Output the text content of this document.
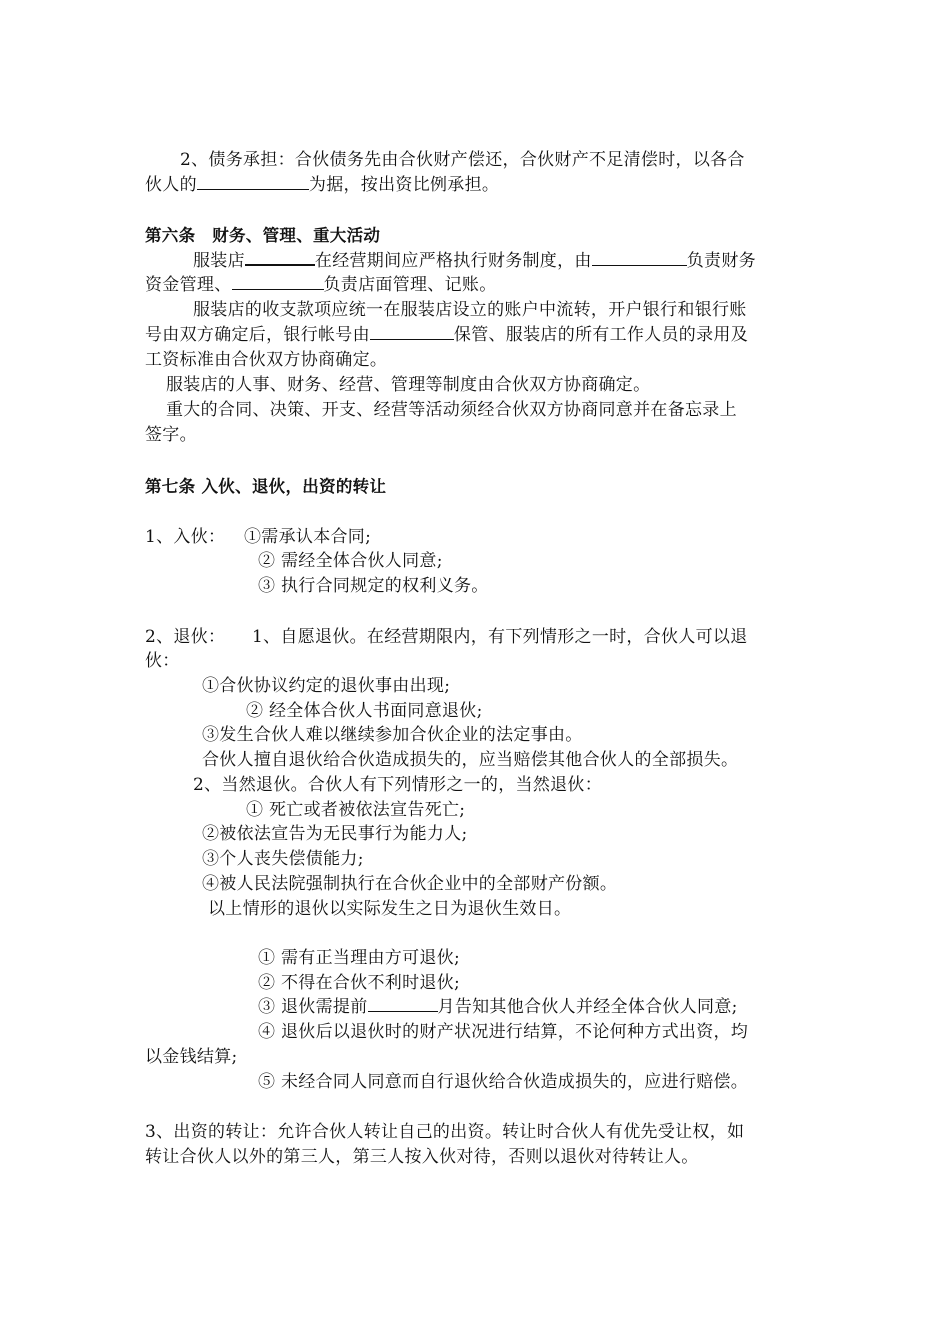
2、债务承担：合伙债务先由合伙财产偿还，合伙财产不足清偿时，以各合
伙人的	为据，按出资比例承担。
第六条　财务、管理、重大活动
服装店	在经营期间应严格执行财务制度，由	负责财务
资金管理、	负责店面管理、记账。
服装店的收支款项应统一在服装店设立的账户中流转，开户银行和银行账
号由双方确定后，银行帐号由	保管、服装店的所有工作人员的录用及
工资标准由合伙双方协商确定。
服装店的人事、财务、经营、管理等制度由合伙双方协商确定。
重大的合同、决策、开支、经营等活动须经合伙双方协商同意并在备忘录上
签字。
第七条 入伙、退伙，出资的转让
1、入伙： ①需承认本合同;
② 需经全体合伙人同意;
③ 执行合同规定的权利义务。
2、退伙： 1、自愿退伙。在经营期限内，有下列情形之一时，合伙人可以退
伙：
①合伙协议约定的退伙事由出现;
② 经全体合伙人书面同意退伙;
③发生合伙人难以继续参加合伙企业的法定事由。
合伙人擅自退伙给合伙造成损失的，应当赔偿其他合伙人的全部损失。
2、当然退伙。合伙人有下列情形之一的，当然退伙：
① 死亡或者被依法宣告死亡;
②被依法宣告为无民事行为能力人;
③个人丧失偿债能力;
④被人民法院强制执行在合伙企业中的全部财产份额。
以上情形的退伙以实际发生之日为退伙生效日。
① 需有正当理由方可退伙;
② 不得在合伙不利时退伙;
③ 退伙需提前	月告知其他合伙人并经全体合伙人同意;
④ 退伙后以退伙时的财产状况进行结算，不论何种方式出资，均
以金钱结算;
⑤ 未经合同人同意而自行退伙给合伙造成损失的，应进行赔偿。
3、出资的转让：允许合伙人转让自己的出资。转让时合伙人有优先受让权，如
转让合伙人以外的第三人，第三人按入伙对待，否则以退伙对待转让人。
